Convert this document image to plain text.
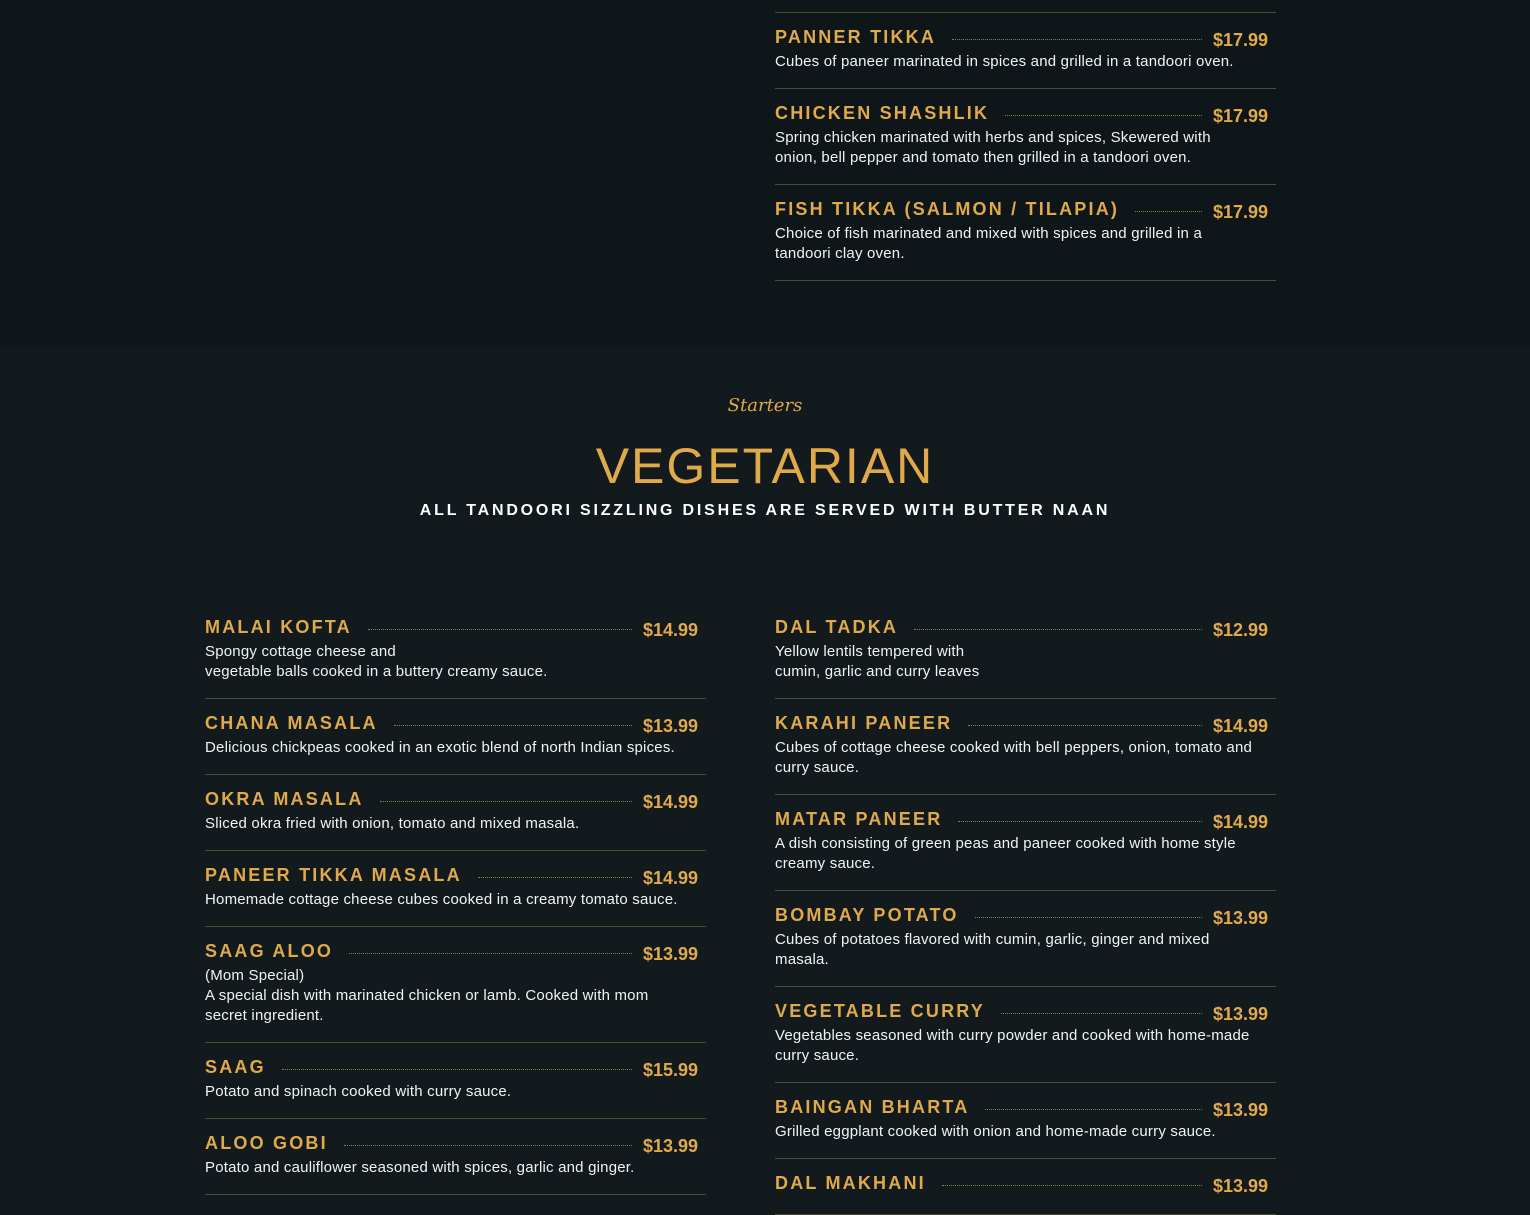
PANNER TIKKA	$17.99
Cubes of paneer marinated in spices and grilled in a tandoori oven.
CHICKEN SHASHLIK	$17.99
Spring chicken marinated with herbs and spices, Skewered with
onion, bell pepper and tomato then grilled in a tandoori oven.
FISH TIKKA (SALMON / TILAPIA)	$17.99
Choice of fish marinated and mixed with spices and grilled in a
tandoori clay oven.
Starters
VEGETARIAN
ALL TANDOORI SIZZLING DISHES ARE SERVED WITH BUTTER NAAN
MALAI KOFTA	$14.99
Spongy cottage cheese and
vegetable balls cooked in a buttery creamy sauce.
CHANA MASALA	$13.99
Delicious chickpeas cooked in an exotic blend of north Indian spices.
OKRA MASALA	$14.99
Sliced okra fried with onion, tomato and mixed masala.
PANEER TIKKA MASALA	$14.99
Homemade cottage cheese cubes cooked in a creamy tomato sauce.
SAAG ALOO	$13.99
(Mom Special)
A special dish with marinated chicken or lamb. Cooked with mom
secret ingredient.
SAAG	$15.99
Potato and spinach cooked with curry sauce.
ALOO GOBI	$13.99
Potato and cauliflower seasoned with spices, garlic and ginger.
DAL TADKA	$12.99
Yellow lentils tempered with
cumin, garlic and curry leaves
KARAHI PANEER	$14.99
Cubes of cottage cheese cooked with bell peppers, onion, tomato and
curry sauce.
MATAR PANEER	$14.99
A dish consisting of green peas and paneer cooked with home style
creamy sauce.
BOMBAY POTATO	$13.99
Cubes of potatoes flavored with cumin, garlic, ginger and mixed
masala.
VEGETABLE CURRY	$13.99
Vegetables seasoned with curry powder and cooked with home-made
curry sauce.
BAINGAN BHARTA	$13.99
Grilled eggplant cooked with onion and home-made curry sauce.
DAL MAKHANI	$13.99
